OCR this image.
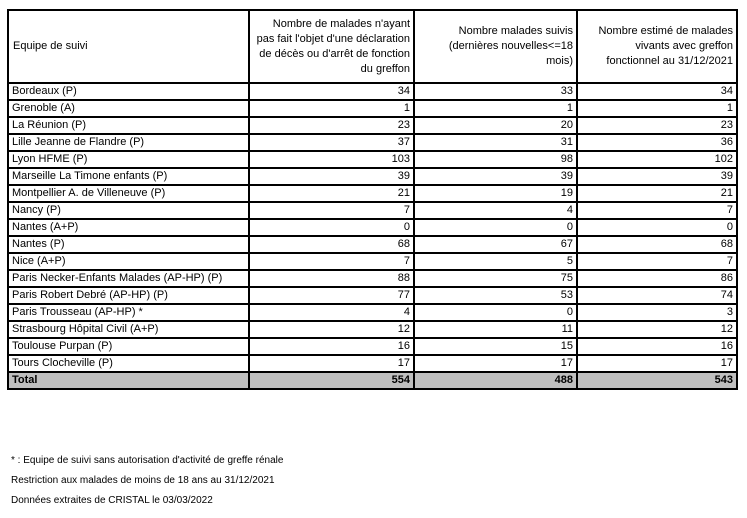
Equipe de suivi	Nombre de malades n'ayant pas fait l'objet d'une déclaration de décès ou d'arrêt de fonction du greffon	Nombre malades suivis (dernières nouvelles<=18 mois)	Nombre estimé de malades vivants avec greffon fonctionnel au 31/12/2021
Bordeaux (P)	34	33	34
Grenoble (A)	1	1	1
La Réunion (P)	23	20	23
Lille Jeanne de Flandre (P)	37	31	36
Lyon HFME (P)	103	98	102
Marseille La Timone enfants (P)	39	39	39
Montpellier A. de Villeneuve (P)	21	19	21
Nancy (P)	7	4	7
Nantes (A+P)	0	0	0
Nantes (P)	68	67	68
Nice (A+P)	7	5	7
Paris Necker-Enfants Malades (AP-HP) (P)	88	75	86
Paris Robert Debré (AP-HP) (P)	77	53	74
Paris Trousseau (AP-HP) *	4	0	3
Strasbourg Hôpital Civil (A+P)	12	11	12
Toulouse Purpan (P)	16	15	16
Tours Clocheville (P)	17	17	17
Total	554	488	543
* : Equipe de suivi sans autorisation d'activité de greffe rénale
Restriction aux malades de moins de 18 ans au 31/12/2021
Données extraites de CRISTAL le 03/03/2022
